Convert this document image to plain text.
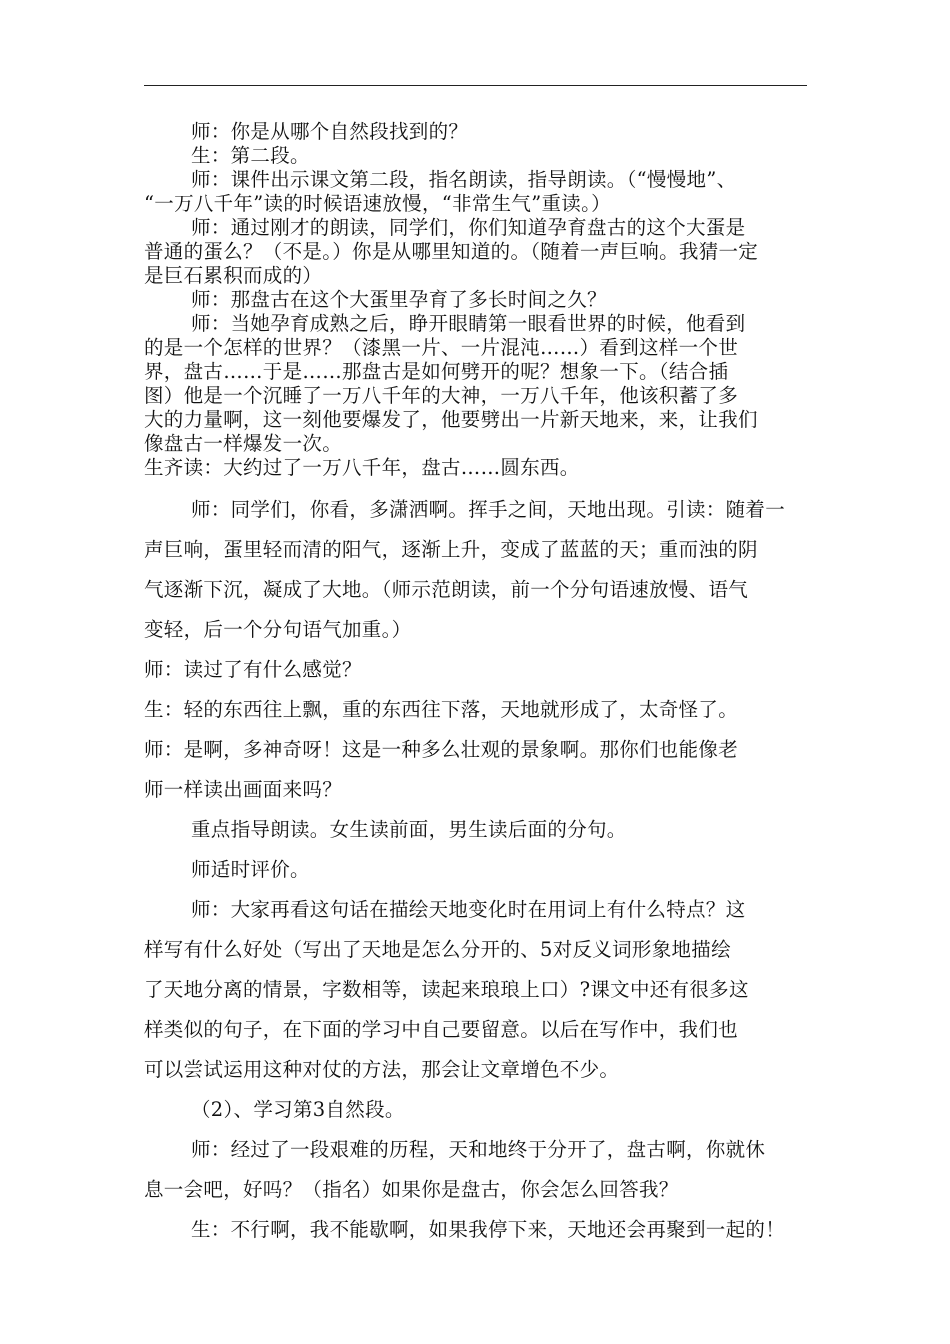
师：你是从哪个自然段找到的？
生：第二段。
师：课件出示课文第二段，指名朗读，指导朗读。（“慢慢地”、
“一万八千年”读的时候语速放慢，“非常生气”重读。）
师：通过刚才的朗读，同学们，你们知道孕育盘古的这个大蛋是
普通的蛋么？（不是。）你是从哪里知道的。（随着一声巨响。我猜一定
是巨石累积而成的）
师：那盘古在这个大蛋里孕育了多长时间之久？
师：当她孕育成熟之后，睁开眼睛第一眼看世界的时候，他看到
的是一个怎样的世界？（漆黑一片、一片混沌……）看到这样一个世
界，盘古……于是……那盘古是如何劈开的呢？想象一下。（结合插
图）他是一个沉睡了一万八千年的大神，一万八千年，他该积蓄了多
大的力量啊，这一刻他要爆发了，他要劈出一片新天地来，来，让我们
像盘古一样爆发一次。
生齐读：大约过了一万八千年，盘古……圆东西。
师：同学们，你看，多潇洒啊。挥手之间，天地出现。引读：随着一
声巨响，蛋里轻而清的阳气，逐渐上升，变成了蓝蓝的天；重而浊的阴
气逐渐下沉，凝成了大地。（师示范朗读，前一个分句语速放慢、语气
变轻，后一个分句语气加重。）
师：读过了有什么感觉？
生：轻的东西往上飘，重的东西往下落，天地就形成了，太奇怪了。
师：是啊，多神奇呀！这是一种多么壮观的景象啊。那你们也能像老
师一样读出画面来吗？
重点指导朗读。女生读前面，男生读后面的分句。
师适时评价。
师：大家再看这句话在描绘天地变化时在用词上有什么特点？这
样写有什么好处（写出了天地是怎么分开的、5对反义词形象地描绘
了天地分离的情景，字数相等，读起来琅琅上口）?课文中还有很多这
样类似的句子，在下面的学习中自己要留意。以后在写作中，我们也
可以尝试运用这种对仗的方法，那会让文章增色不少。
（2）、学习第3自然段。
师：经过了一段艰难的历程，天和地终于分开了，盘古啊，你就休
息一会吧，好吗？（指名）如果你是盘古，你会怎么回答我？
生：不行啊，我不能歇啊，如果我停下来，天地还会再聚到一起的！
